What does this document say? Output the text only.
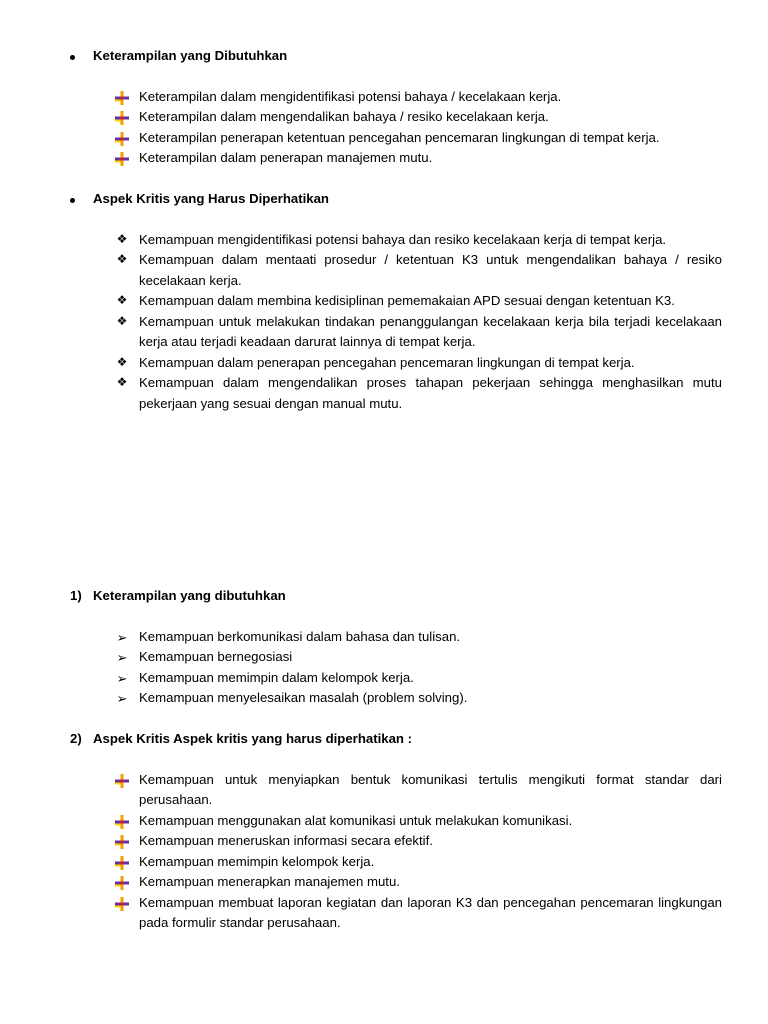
Keterampilan yang Dibutuhkan

Keterampilan dalam mengidentifikasi potensi bahaya / kecelakaan kerja.
Keterampilan dalam mengendalikan bahaya / resiko kecelakaan kerja.
Keterampilan penerapan ketentuan pencegahan pencemaran lingkungan di tempat kerja.
Keterampilan dalam penerapan manajemen mutu.

Aspek Kritis yang Harus Diperhatikan

❖ Kemampuan mengidentifikasi potensi bahaya dan resiko kecelakaan kerja di tempat kerja.
❖ Kemampuan dalam mentaati prosedur / ketentuan K3 untuk mengendalikan bahaya / resiko kecelakaan kerja.
❖ Kemampuan dalam membina kedisiplinan pememakaian APD sesuai dengan ketentuan K3.
❖ Kemampuan untuk melakukan tindakan penanggulangan kecelakaan kerja bila terjadi kecelakaan kerja atau terjadi keadaan darurat lainnya di tempat kerja.
❖ Kemampuan dalam penerapan pencegahan pencemaran lingkungan di tempat kerja.
❖ Kemampuan dalam mengendalikan proses tahapan pekerjaan sehingga menghasilkan mutu pekerjaan yang sesuai dengan manual mutu.

1) Keterampilan yang dibutuhkan

➢ Kemampuan berkomunikasi dalam bahasa dan tulisan.
➢ Kemampuan bernegosiasi
➢ Kemampuan memimpin dalam kelompok kerja.
➢ Kemampuan menyelesaikan masalah (problem solving).

2) Aspek Kritis Aspek kritis yang harus diperhatikan :

Kemampuan untuk menyiapkan bentuk komunikasi tertulis mengikuti format standar dari perusahaan.
Kemampuan menggunakan alat komunikasi untuk melakukan komunikasi.
Kemampuan meneruskan informasi secara efektif.
Kemampuan memimpin kelompok kerja.
Kemampuan menerapkan manajemen mutu.
Kemampuan membuat laporan kegiatan dan laporan K3 dan pencegahan pencemaran lingkungan pada formulir standar perusahaan.
